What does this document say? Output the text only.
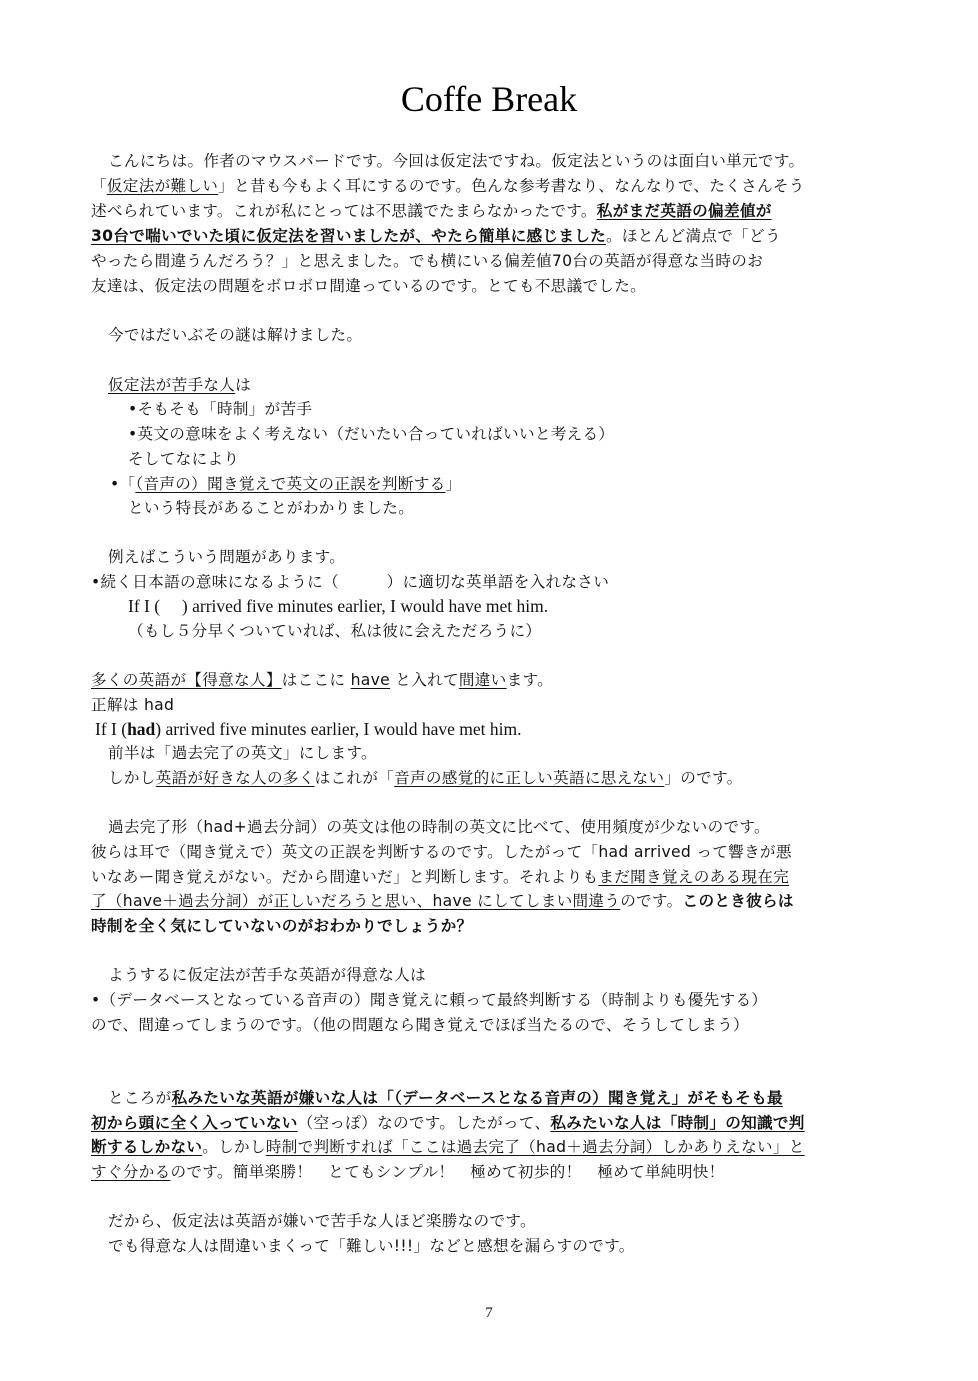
Coffe Break
こんにちは。作者のマウスバードです。今回は仮定法ですね。仮定法というのは面白い単元です。
「仮定法が難しい」と昔も今もよく耳にするのです。色んな参考書なり、なんなりで、たくさんそう
述べられています。これが私にとっては不思議でたまらなかったです。私がまだ英語の偏差値が
30台で喘いでいた頃に仮定法を習いましたが、やたら簡単に感じました。ほとんど満点で「どう
やったら間違うんだろう？」と思えました。でも横にいる偏差値70台の英語が得意な当時のお
友達は、仮定法の問題をボロボロ間違っているのです。とても不思議でした。
今ではだいぶその謎は解けました。
仮定法が苦手な人は
•そもそも「時制」が苦手
•英文の意味をよく考えない（だいたい合っていればいいと考える）
そしてなにより
•「（音声の）聞き覚えで英文の正誤を判断する」
という特長があることがわかりました。
例えばこういう問題があります。
•続く日本語の意味になるように（　　　）に適切な英単語を入れなさい
If I (　 ) arrived five minutes earlier, I would have met him.
（もし５分早くついていれば、私は彼に会えただろうに）
多くの英語が【得意な人】はここに have と入れて間違います。
正解は had
If I (had) arrived five minutes earlier, I would have met him.
前半は「過去完了の英文」にします。
しかし英語が好きな人の多くはこれが「音声の感覚的に正しい英語に思えない」のです。
過去完了形（had+過去分詞）の英文は他の時制の英文に比べて、使用頻度が少ないのです。
彼らは耳で（聞き覚えで）英文の正誤を判断するのです。したがって「had arrived って響きが悪
いなあー聞き覚えがない。だから間違いだ」と判断します。それよりもまだ聞き覚えのある現在完
了（have＋過去分詞）が正しいだろうと思い、have にしてしまい間違うのです。このとき彼らは
時制を全く気にしていないのがおわかりでしょうか？
ようするに仮定法が苦手な英語が得意な人は
•（データベースとなっている音声の）聞き覚えに頼って最終判断する（時制よりも優先する）
ので、間違ってしまうのです。（他の問題なら聞き覚えでほぼ当たるので、そうしてしまう）
ところが私みたいな英語が嫌いな人は「（データベースとなる音声の）聞き覚え」がそもそも最
初から頭に全く入っていない（空っぽ）なのです。したがって、私みたいな人は「時制」の知識で判
断するしかない。しかし時制で判断すれば「ここは過去完了（had＋過去分詞）しかありえない」と
すぐ分かるのです。簡単楽勝！　とてもシンプル！　極めて初歩的！　極めて単純明快！
だから、仮定法は英語が嫌いで苦手な人ほど楽勝なのです。
でも得意な人は間違いまくって「難しい!!!」などと感想を漏らすのです。
7
